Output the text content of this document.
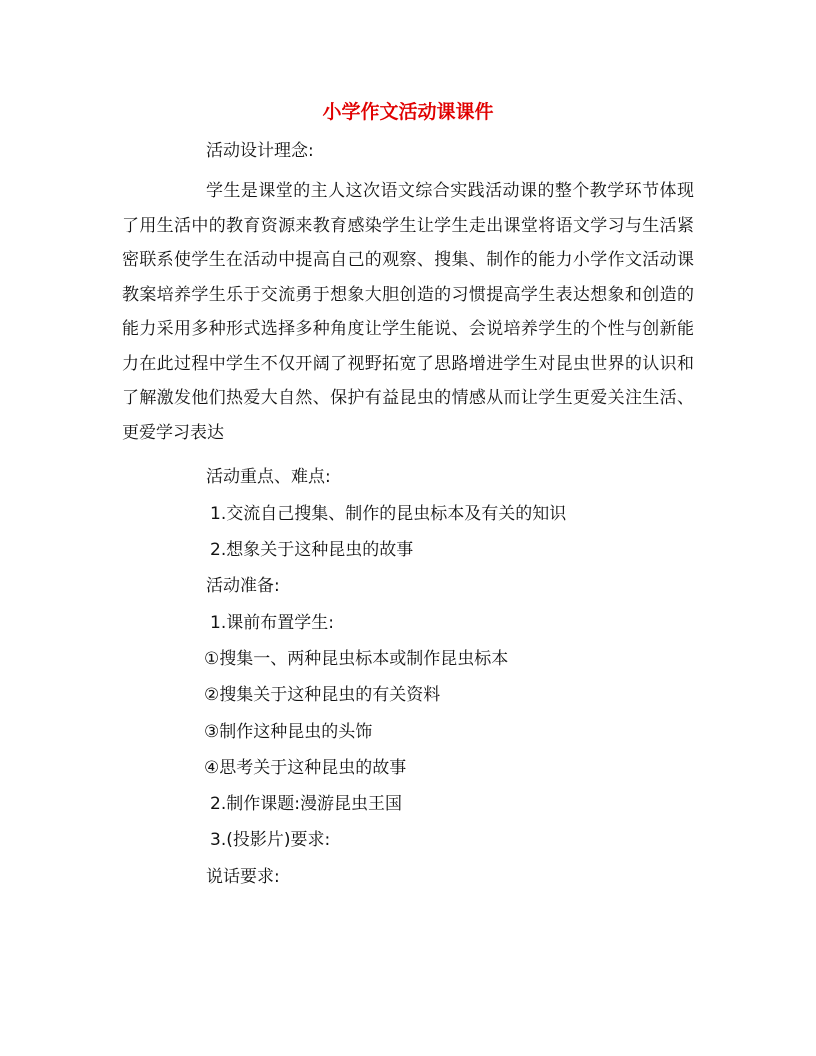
小学作文活动课课件
活动设计理念:

学生是课堂的主人这次语文综合实践活动课的整个教学环节体现了用生活中的教育资源来教育感染学生让学生走出课堂将语文学习与生活紧密联系使学生在活动中提高自己的观察、搜集、制作的能力小学作文活动课教案培养学生乐于交流勇于想象大胆创造的习惯提高学生表达想象和创造的能力采用多种形式选择多种角度让学生能说、会说培养学生的个性与创新能力在此过程中学生不仅开阔了视野拓宽了思路增进学生对昆虫世界的认识和了解激发他们热爱大自然、保护有益昆虫的情感从而让学生更爱关注生活、更爱学习表达

活动重点、难点:
1.交流自己搜集、制作的昆虫标本及有关的知识
2.想象关于这种昆虫的故事
活动准备:
1.课前布置学生:
①搜集一、两种昆虫标本或制作昆虫标本
②搜集关于这种昆虫的有关资料
③制作这种昆虫的头饰
④思考关于这种昆虫的故事
2.制作课题:漫游昆虫王国
3.(投影片)要求:
说话要求:
